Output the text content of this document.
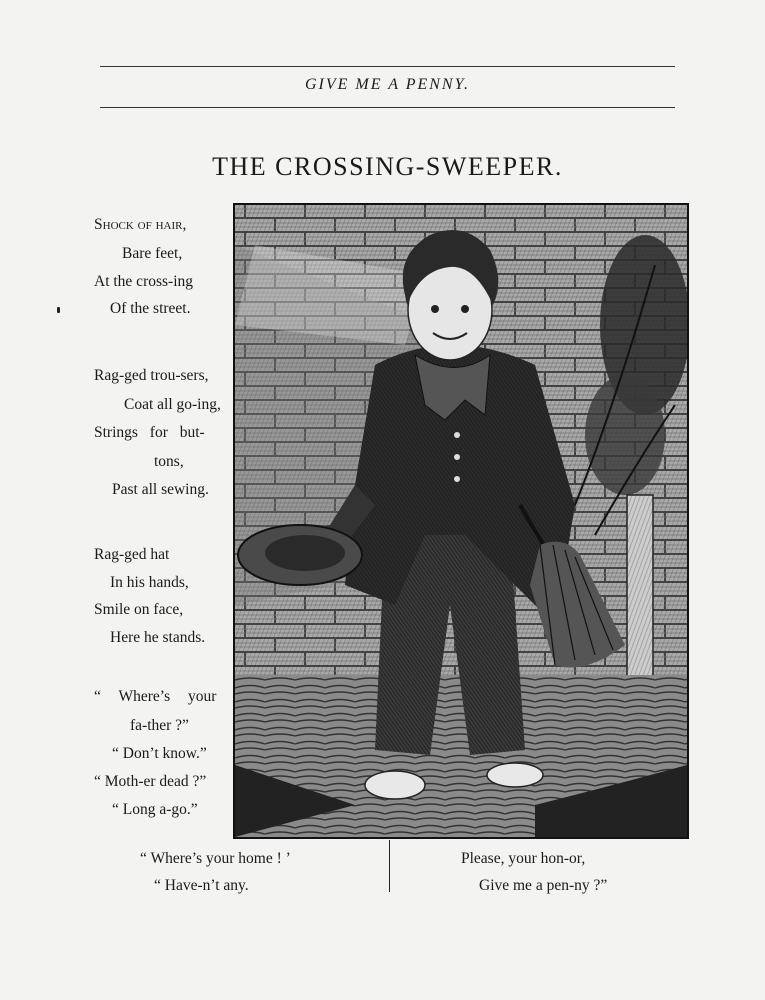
GIVE ME A PENNY.
THE CROSSING-SWEEPER.
Shock of hair,
Bare feet,
At the cross-ing
Of the street.
Rag-ged trou-sers,
Coat all go-ing,
Strings for but-
tons,
Past all sewing.
Rag-ged hat
In his hands,
Smile on face,
Here he stands.
“ Where’s your
fa-ther ?”
“ Don’t know.”
“ Moth-er dead ?”
“ Long a-go.”
“ Where’s your home ! ’
“ Have-n’t any.
Please, your hon-or,
Give me a pen-ny ?”
